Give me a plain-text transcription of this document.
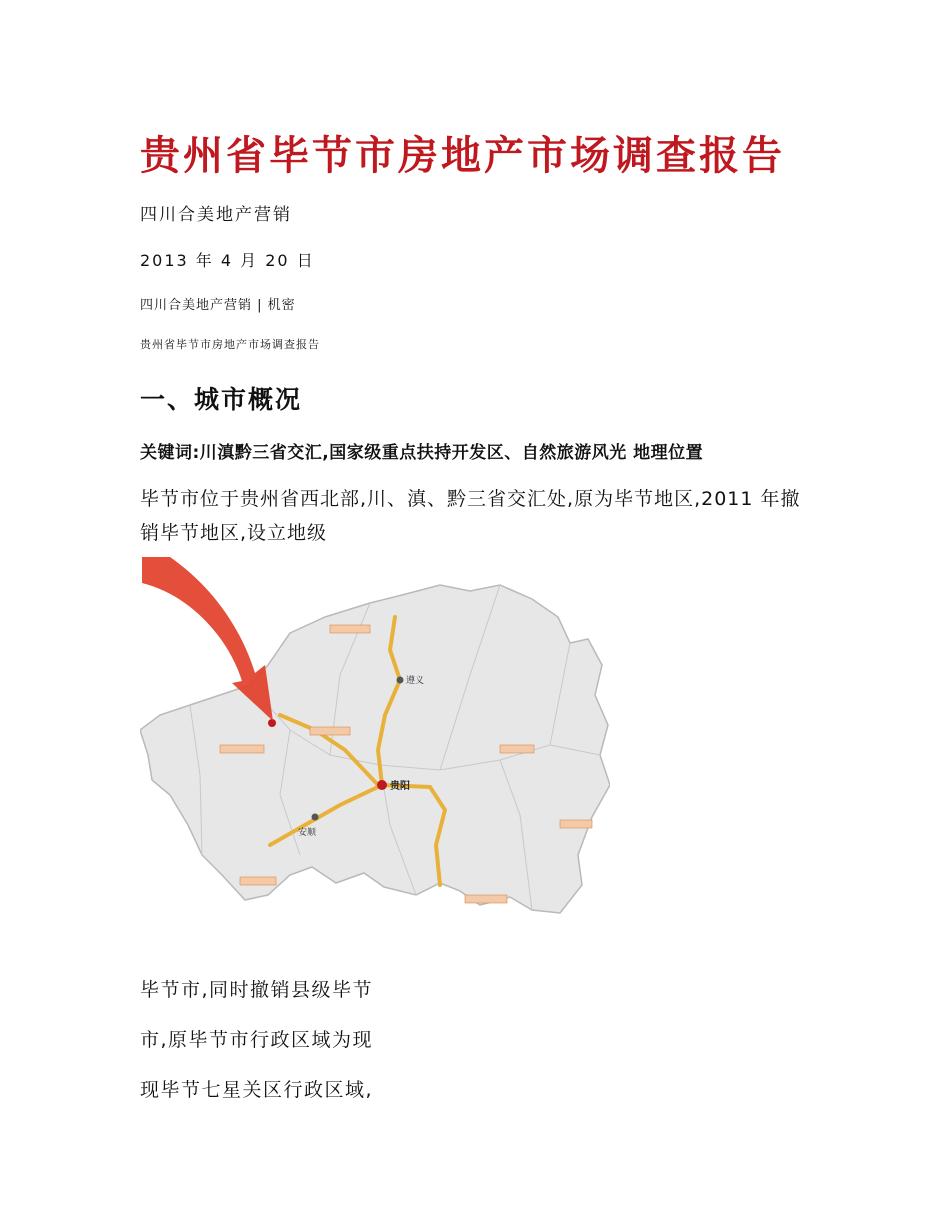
贵州省毕节市房地产市场调查报告
四川合美地产营销
2013 年 4 月 20 日
四川合美地产营销 | 机密
贵州省毕节市房地产市场调查报告
一、城市概况
关键词:川滇黔三省交汇,国家级重点扶持开发区、自然旅游风光 地理位置

毕节市位于贵州省西北部,川、滇、黔三省交汇处,原为毕节地区,2011 年撤销毕节地区,设立地级

遵义
贵阳
安顺
毕节市,同时撤销县级毕节
市,原毕节市行政区域为现
现毕节七星关区行政区域,
